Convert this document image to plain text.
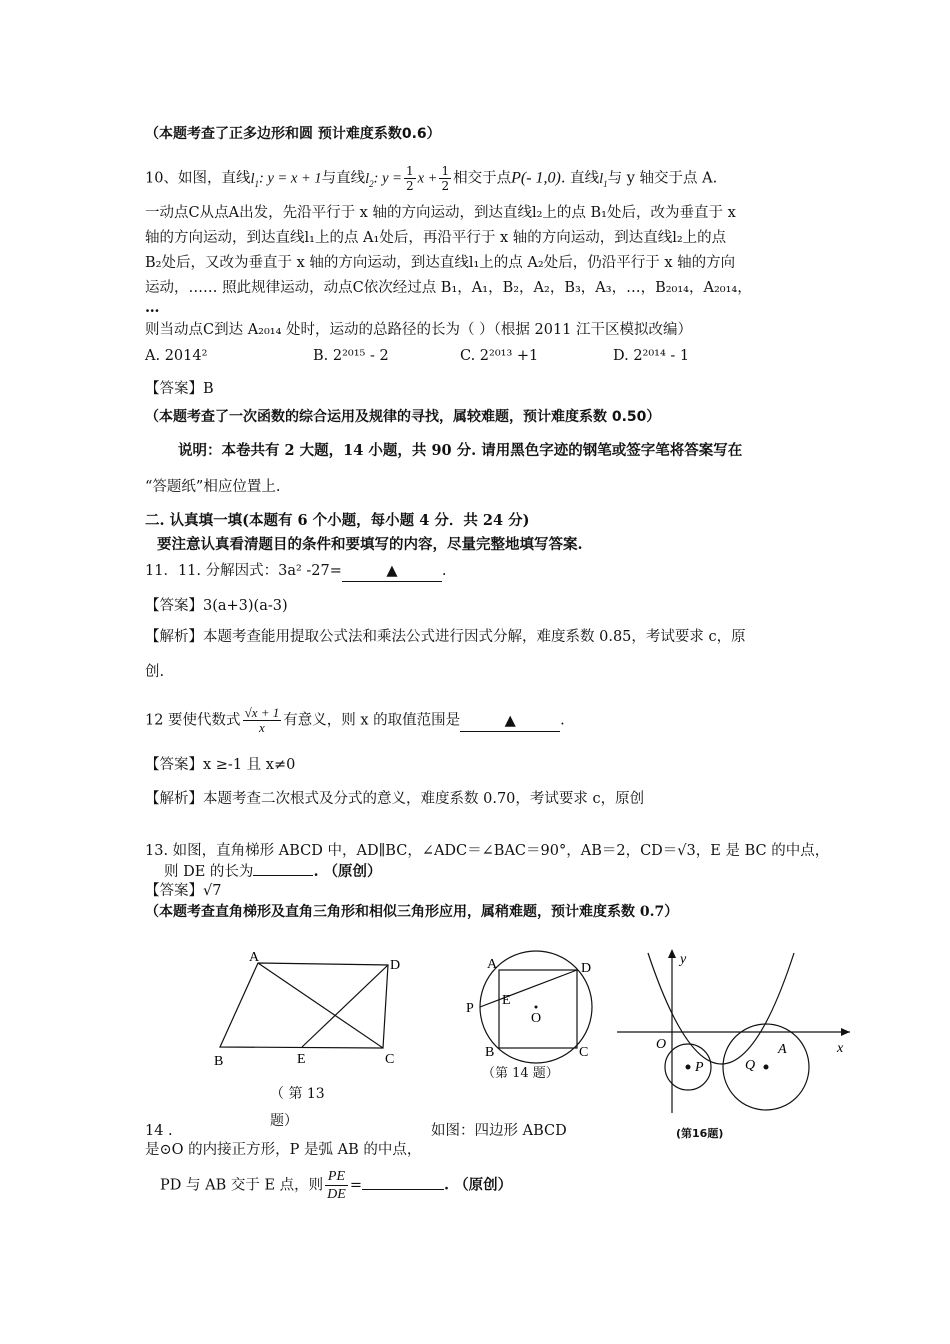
（本题考查了正多边形和圆 预计难度系数0.6）
10、如图，直线$l_1$: y = x + 1与直线$l_2$: $y = \frac{1}{2}$ $x + \frac{1}{2}$ 相交于点P(- 1,0). 直线$l_1$与 y 轴交于点 A.
一动点C从点A出发，先沿平行于 x 轴的方向运动，到达直线l₂上的点 B₁处后，改为垂直于 x
轴的方向运动，到达直线l₁上的点 A₁处后，再沿平行于 x 轴的方向运动，到达直线l₂上的点
B₂处后，又改为垂直于 x 轴的方向运动，到达直线l₁上的点 A₂处后，仍沿平行于 x 轴的方向
运动，…… 照此规律运动，动点C依次经过点 B₁，A₁，B₂，A₂，B₃，A₃，…，B₂₀₁₄，A₂₀₁₄，
…
则当动点C到达 A₂₀₁₄ 处时，运动的总路径的长为（ ）（根据 2011 江干区模拟改编）
A. 2014²	B. 2²⁰¹⁵ - 2	C. 2²⁰¹³ +1	D. 2²⁰¹⁴ - 1
【答案】B
（本题考查了一次函数的综合运用及规律的寻找，属较难题，预计难度系数 0.50）
说明：本卷共有 2 大题，14 小题，共 90 分. 请用黑色字迹的钢笔或签字笔将答案写在
“答题纸”相应位置上.
二. 认真填一填(本题有 6 个小题，每小题 4 分．共 24 分)
要注意认真看清题目的条件和要填写的内容，尽量完整地填写答案.
11．11. 分解因式：3a² -27=	▲	.
【答案】3(a+3)(a-3)
【解析】本题考查能用提取公式法和乘法公式进行因式分解，难度系数 0.85，考试要求 c，原
创.
12 要使代数式 $\frac{√x + 1}{x}$ 有意义，则 x 的取值范围是	▲	.
【答案】x ≥-1 且 x≠0
【解析】本题考查二次根式及分式的意义，难度系数 0.70，考试要求 c，原创
13. 如图，直角梯形 ABCD 中，AD∥BC，∠ADC＝∠BAC＝90°，AB＝2，CD＝√3，E 是 BC 的中点，
则 DE 的长为	. （原创）
【答案】√7
（本题考查直角梯形及直角三角形和相似三角形应用，属稍难题，预计难度系数 0.7）
A
D
B	E	C
（ 第 13
题）
A	D
P
E
O
B	C
（第 14 题）
y
x
O
P	Q
A
(第16题)
14 .	如图：四边形 ABCD
是⊙O 的内接正方形，P 是弧 AB 的中点，
PD 与 AB 交于 E 点，则 $\frac{PE}{DE}$ =	. （原创）
